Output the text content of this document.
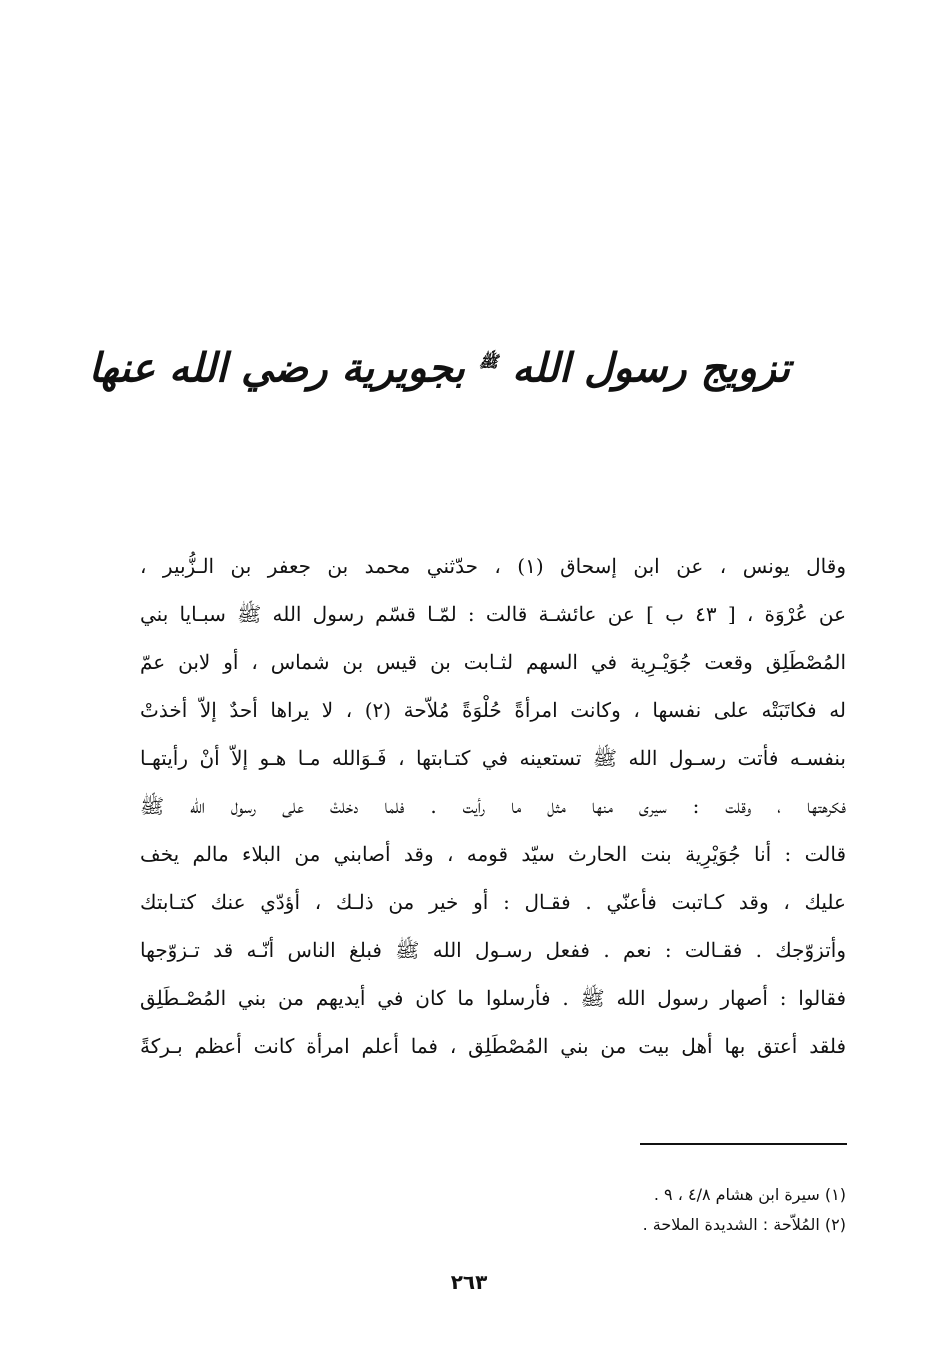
تزويج رسول الله $^ﷺ$ بجويرية رضي الله عنها
وقال يونس ، عن ابن إسحاق (١) ، حدّثني محمد بن جعفر بن الـزُّبير ،
عن عُرْوَة ، [ ٤٣ ب ] عن عائشـة قالت : لمّـا قسّم رسول الله ﷺ سبـايا بني
المُصْطَلِق وقعت جُوَيْـرِية في السهم لثـابت بن قيس بن شماس ، أو لابن عمّ
له فكاتَبَتْه على نفسها ، وكانت امرأةً حُلْوَةً مُلاّحة (٢) ، لا يراها أحدٌ إلاّ أخذتْ
بنفسـه فأتت رسـول الله ﷺ تستعينه في كتـابتها ، فَـوَالله مـا هـو إلاّ أنْ رأيتهـا
فكرهتها ، وقلت : سيرى منها مثل ما رأيت . فلما دخلتْ على رسول الله ﷺ
قالت : أنا جُوَيْرِية بنت الحارث سيّد قومه ، وقد أصابني من البلاء مالم يخف
عليك ، وقد كـاتبت فأعنّي . فقـال : أو خير من ذلـك ، أؤدّي عنك كتـابتك
وأتزوّجك . فقـالت : نعم . ففعل رسـول الله ﷺ فبلغ الناس أنّـه قد تـزوّجها
فقالوا : أصهار رسول الله ﷺ . فأرسلوا ما كان في أيديهم من بني المُصْـطَلِق
فلقد أعتق بها أهل بيت من بني المُصْطَلِق ، فما أعلم امرأة كانت أعظم بـركةً
(١) سيرة ابن هشام ٤/٨ ، ٩ .
(٢) المُلاّحة : الشديدة الملاحة .
٢٦٣
